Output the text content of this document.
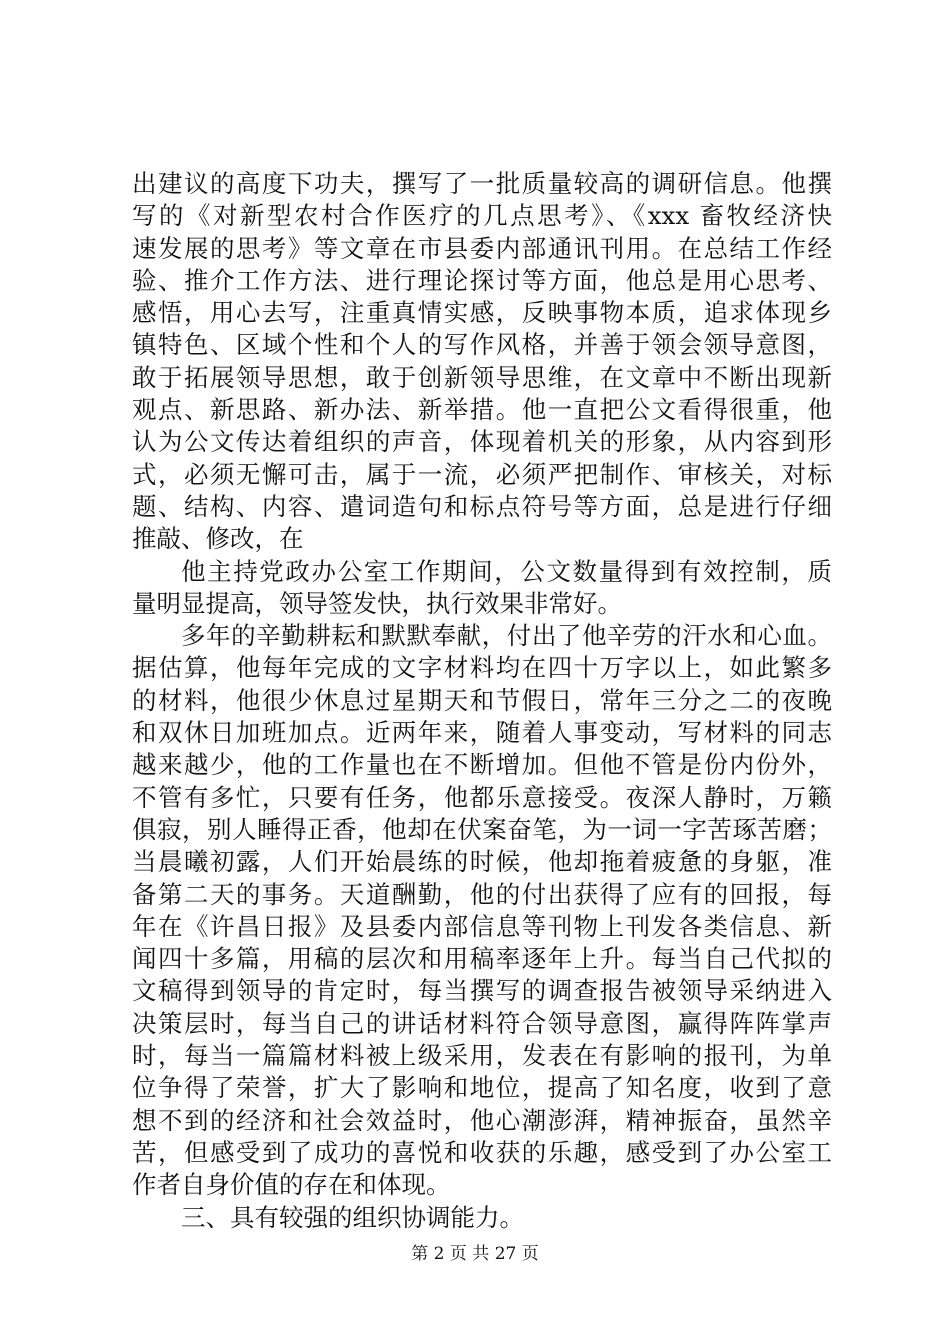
出建议的高度下功夫，撰写了一批质量较高的调研信息。他撰
写的《对新型农村合作医疗的几点思考》、《xxx 畜牧经济快
速发展的思考》等文章在市县委内部通讯刊用。在总结工作经
验、推介工作方法、进行理论探讨等方面，他总是用心思考、
感悟，用心去写，注重真情实感，反映事物本质，追求体现乡
镇特色、区域个性和个人的写作风格，并善于领会领导意图，
敢于拓展领导思想，敢于创新领导思维，在文章中不断出现新
观点、新思路、新办法、新举措。他一直把公文看得很重，他
认为公文传达着组织的声音，体现着机关的形象，从内容到形
式，必须无懈可击，属于一流，必须严把制作、审核关，对标
题、结构、内容、遣词造句和标点符号等方面，总是进行仔细
推敲、修改，在
他主持党政办公室工作期间，公文数量得到有效控制，质
量明显提高，领导签发快，执行效果非常好。
多年的辛勤耕耘和默默奉献，付出了他辛劳的汗水和心血。
据估算，他每年完成的文字材料均在四十万字以上，如此繁多
的材料，他很少休息过星期天和节假日，常年三分之二的夜晚
和双休日加班加点。近两年来，随着人事变动，写材料的同志
越来越少，他的工作量也在不断增加。但他不管是份内份外，
不管有多忙，只要有任务，他都乐意接受。夜深人静时，万籁
俱寂，别人睡得正香，他却在伏案奋笔，为一词一字苦琢苦磨；
当晨曦初露，人们开始晨练的时候，他却拖着疲惫的身躯，准
备第二天的事务。天道酬勤，他的付出获得了应有的回报，每
年在《许昌日报》及县委内部信息等刊物上刊发各类信息、新
闻四十多篇，用稿的层次和用稿率逐年上升。每当自己代拟的
文稿得到领导的肯定时，每当撰写的调查报告被领导采纳进入
决策层时，每当自己的讲话材料符合领导意图，赢得阵阵掌声
时，每当一篇篇材料被上级采用，发表在有影响的报刊，为单
位争得了荣誉，扩大了影响和地位，提高了知名度，收到了意
想不到的经济和社会效益时，他心潮澎湃，精神振奋，虽然辛
苦，但感受到了成功的喜悦和收获的乐趣，感受到了办公室工
作者自身价值的存在和体现。
三、具有较强的组织协调能力。
第 2 页 共 27 页
